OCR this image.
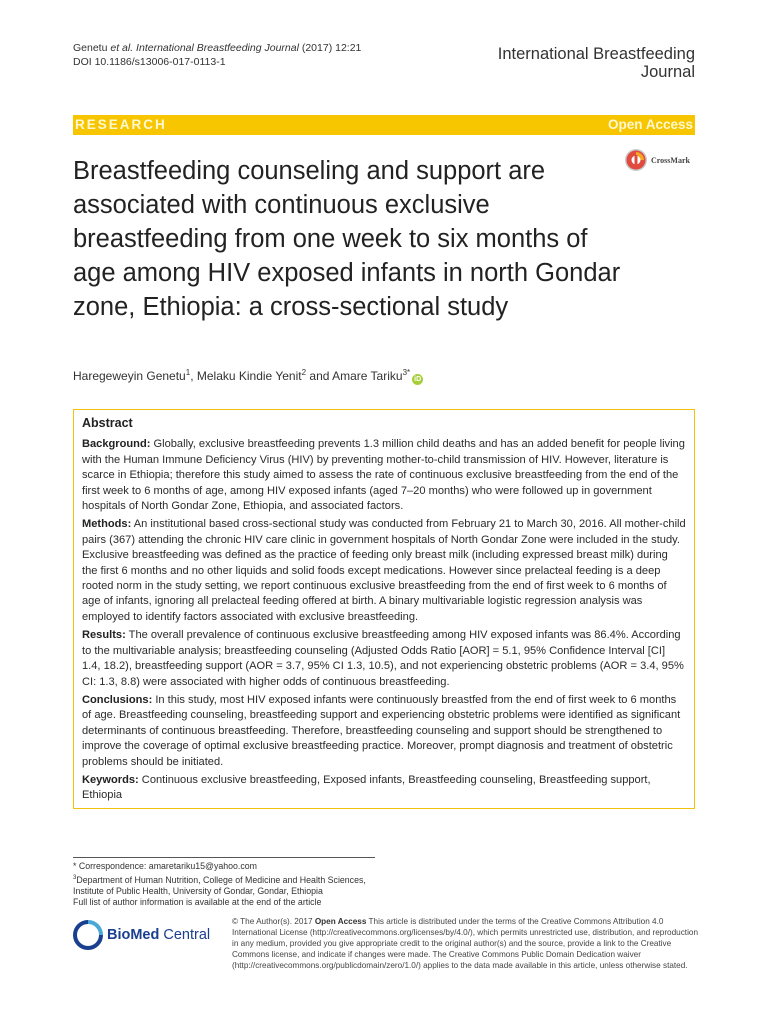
Genetu et al. International Breastfeeding Journal (2017) 12:21
DOI 10.1186/s13006-017-0113-1	International Breastfeeding
Journal
RESEARCH	Open Access
CrossMark
Breastfeeding counseling and support are associated with continuous exclusive breastfeeding from one week to six months of age among HIV exposed infants in north Gondar zone, Ethiopia: a cross-sectional study
Haregeweyin Genetu$^1$, Melaku Kindie Yenit$^2$ and Amare Tariku$^{3*}$iD
Abstract

Background: Globally, exclusive breastfeeding prevents 1.3 million child deaths and has an added benefit for people living with the Human Immune Deficiency Virus (HIV) by preventing mother-to-child transmission of HIV. However, literature is scarce in Ethiopia; therefore this study aimed to assess the rate of continuous exclusive breastfeeding from the end of the first week to 6 months of age, among HIV exposed infants (aged 7–20 months) who were followed up in government hospitals of North Gondar Zone, Ethiopia, and associated factors.

Methods: An institutional based cross-sectional study was conducted from February 21 to March 30, 2016. All mother-child pairs (367) attending the chronic HIV care clinic in government hospitals of North Gondar Zone were included in the study. Exclusive breastfeeding was defined as the practice of feeding only breast milk (including expressed breast milk) during the first 6 months and no other liquids and solid foods except medications. However since prelacteal feeding is a deep rooted norm in the study setting, we report continuous exclusive breastfeeding from the end of first week to 6 months of age of infants, ignoring all prelacteal feeding offered at birth. A binary multivariable logistic regression analysis was employed to identify factors associated with exclusive breastfeeding.

Results: The overall prevalence of continuous exclusive breastfeeding among HIV exposed infants was 86.4%. According to the multivariable analysis; breastfeeding counseling (Adjusted Odds Ratio [AOR] = 5.1, 95% Confidence Interval [CI] 1.4, 18.2), breastfeeding support (AOR = 3.7, 95% CI 1.3, 10.5), and not experiencing obstetric problems (AOR = 3.4, 95% CI: 1.3, 8.8) were associated with higher odds of continuous breastfeeding.

Conclusions: In this study, most HIV exposed infants were continuously breastfed from the end of first week to 6 months of age. Breastfeeding counseling, breastfeeding support and experiencing obstetric problems were identified as significant determinants of continuous breastfeeding. Therefore, breastfeeding counseling and support should be strengthened to improve the coverage of optimal exclusive breastfeeding practice. Moreover, prompt diagnosis and treatment of obstetric problems should be initiated.

Keywords: Continuous exclusive breastfeeding, Exposed infants, Breastfeeding counseling, Breastfeeding support, Ethiopia

* Correspondence: amaretariku15@yahoo.com
$^3$Department of Human Nutrition, College of Medicine and Health Sciences,
Institute of Public Health, University of Gondar, Gondar, Ethiopia
Full list of author information is available at the end of the article
BioMed Central
© The Author(s). 2017 Open Access This article is distributed under the terms of the Creative Commons Attribution 4.0 International License (http://creativecommons.org/licenses/by/4.0/), which permits unrestricted use, distribution, and reproduction in any medium, provided you give appropriate credit to the original author(s) and the source, provide a link to the Creative Commons license, and indicate if changes were made. The Creative Commons Public Domain Dedication waiver (http://creativecommons.org/publicdomain/zero/1.0/) applies to the data made available in this article, unless otherwise stated.
